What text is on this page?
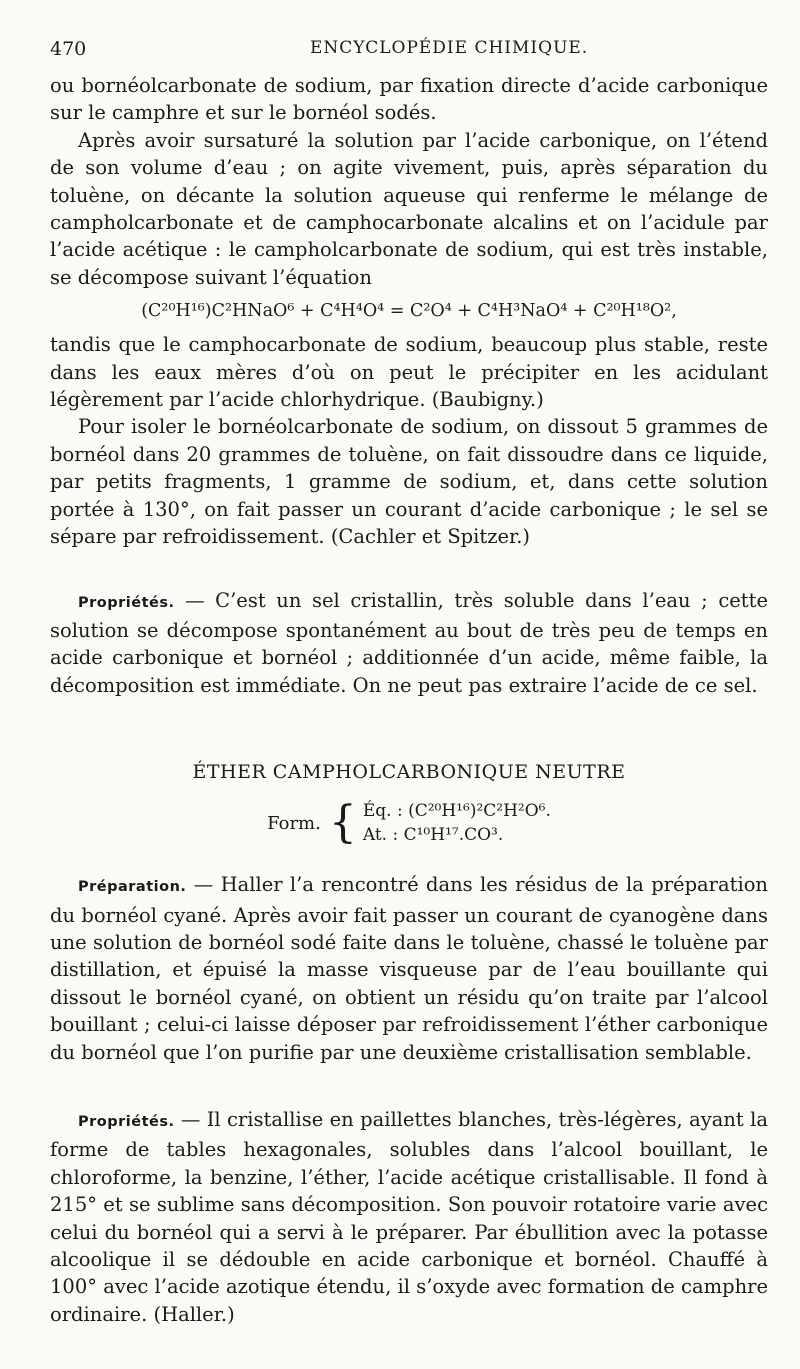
470	ENCYCLOPÉDIE CHIMIQUE.

ou bornéolcarbonate de sodium, par fixation directe d’acide carbonique sur le camphre et sur le bornéol sodés.

Après avoir sursaturé la solution par l’acide carbonique, on l’étend de son volume d’eau ; on agite vivement, puis, après séparation du toluène, on décante la solution aqueuse qui renferme le mélange de campholcarbonate et de camphocarbonate alcalins et on l’acidule par l’acide acétique : le campholcarbonate de sodium, qui est très instable, se décompose suivant l’équation

(C²⁰H¹⁶)C²HNaO⁶ + C⁴H⁴O⁴ = C²O⁴ + C⁴H³NaO⁴ + C²⁰H¹⁸O²,

tandis que le camphocarbonate de sodium, beaucoup plus stable, reste dans les eaux mères d’où on peut le précipiter en les acidulant légèrement par l’acide chlorhydrique. (Baubigny.)

Pour isoler le bornéolcarbonate de sodium, on dissout 5 grammes de bornéol dans 20 grammes de toluène, on fait dissoudre dans ce liquide, par petits fragments, 1 gramme de sodium, et, dans cette solution portée à 130°, on fait passer un courant d’acide carbonique ; le sel se sépare par refroidissement. (Cachler et Spitzer.)

Propriétés. — C’est un sel cristallin, très soluble dans l’eau ; cette solution se décompose spontanément au bout de très peu de temps en acide carbonique et bornéol ; additionnée d’un acide, même faible, la décomposition est immédiate. On ne peut pas extraire l’acide de ce sel.

ÉTHER CAMPHOLCARBONIQUE NEUTRE
Form. { Éq. : (C²⁰H¹⁶)²C²H²O⁶.
At. : C¹⁰H¹⁷.CO³.

Préparation. — Haller l’a rencontré dans les résidus de la préparation du bornéol cyané. Après avoir fait passer un courant de cyanogène dans une solution de bornéol sodé faite dans le toluène, chassé le toluène par distillation, et épuisé la masse visqueuse par de l’eau bouillante qui dissout le bornéol cyané, on obtient un résidu qu’on traite par l’alcool bouillant ; celui-ci laisse déposer par refroidissement l’éther carbonique du bornéol que l’on purifie par une deuxième cristallisation semblable.

Propriétés. — Il cristallise en paillettes blanches, très-légères, ayant la forme de tables hexagonales, solubles dans l’alcool bouillant, le chloroforme, la benzine, l’éther, l’acide acétique cristallisable. Il fond à 215° et se sublime sans décomposition. Son pouvoir rotatoire varie avec celui du bornéol qui a servi à le préparer. Par ébullition avec la potasse alcoolique il se dédouble en acide carbonique et bornéol. Chauffé à 100° avec l’acide azotique étendu, il s’oxyde avec formation de camphre ordinaire. (Haller.)
